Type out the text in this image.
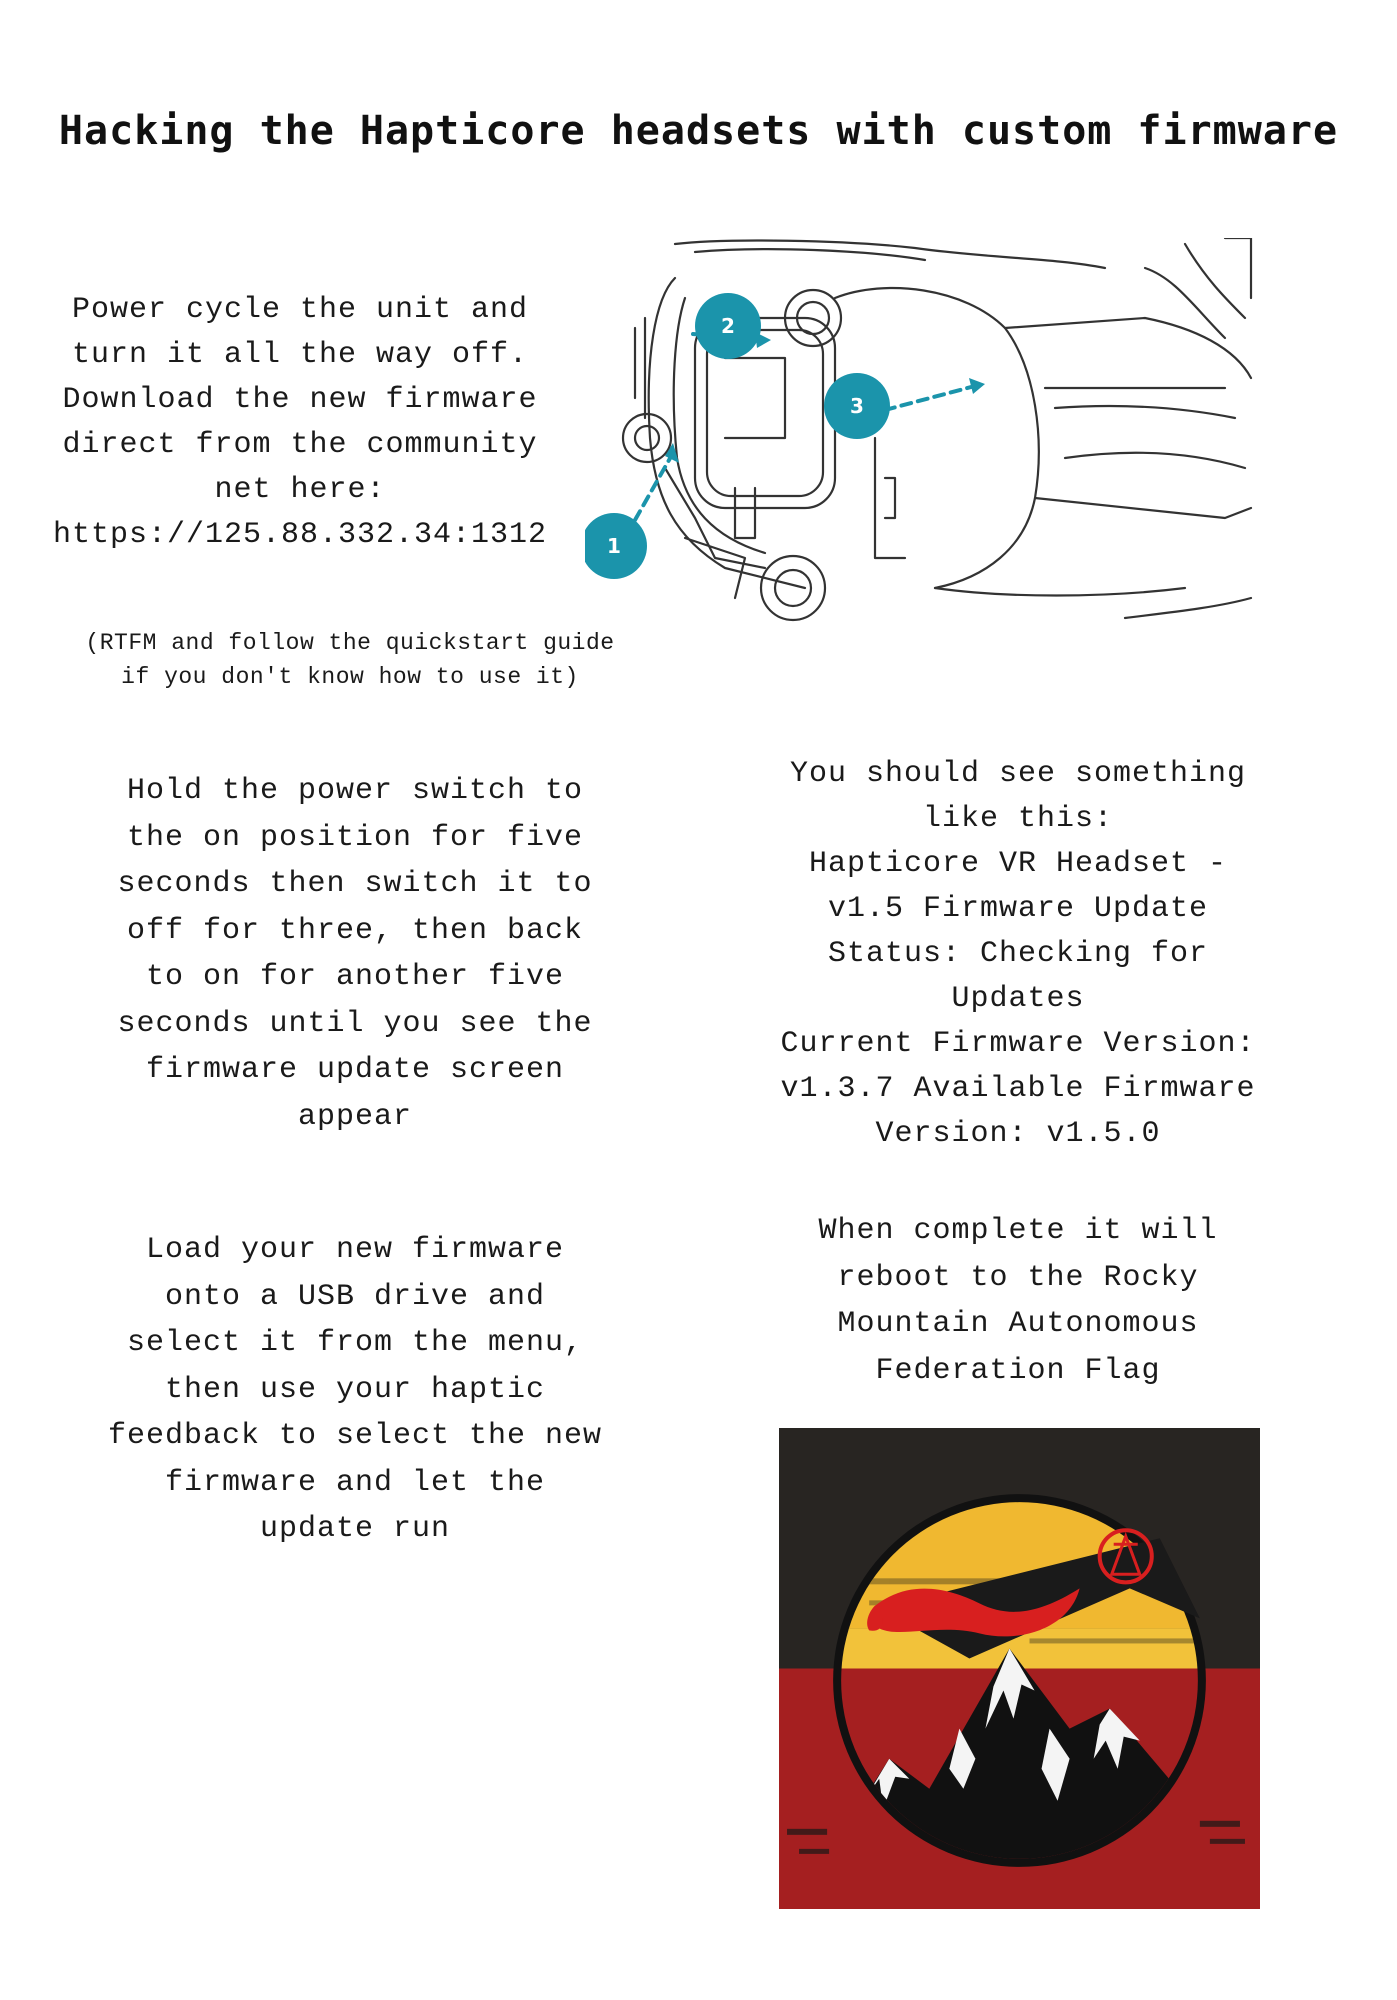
Hacking the Hapticore headsets with custom firmware
Power cycle the unit and
turn it all the way off.
Download the new firmware
direct from the community
net here:
https://125.88.332.34:1312
(RTFM and follow the quickstart guide
if you don't know how to use it)
1
2
3
Hold the power switch to
the on position for five
seconds then switch it to
off for three, then back
to on for another five
seconds until you see the
firmware update screen
appear
You should see something
like this:
Hapticore VR Headset -
v1.5 Firmware Update
Status: Checking for
Updates
Current Firmware Version:
v1.3.7 Available Firmware
Version: v1.5.0
Load your new firmware
onto a USB drive and
select it from the menu,
then use your haptic
feedback to select the new
firmware and let the
update run
When complete it will
reboot to the Rocky
Mountain Autonomous
Federation Flag
